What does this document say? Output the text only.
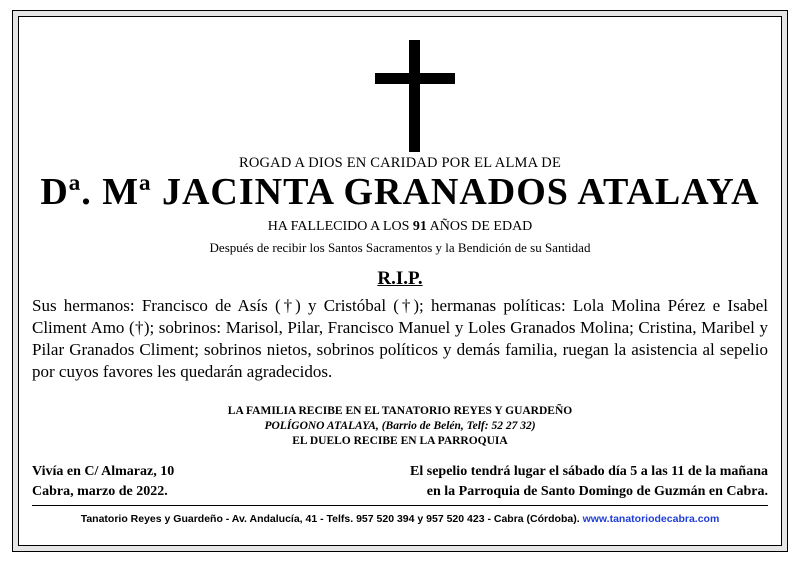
ROGAD A DIOS EN CARIDAD POR EL ALMA DE
Dª. Mª JACINTA GRANADOS ATALAYA
HA FALLECIDO A LOS 91 AÑOS DE EDAD
Después de recibir los Santos Sacramentos y la Bendición de su Santidad
R.I.P.
Sus hermanos: Francisco de Asís (†) y Cristóbal (†); hermanas políticas: Lola Molina Pérez e Isabel Climent Amo (†); sobrinos: Marisol, Pilar, Francisco Manuel y Loles Granados Molina; Cristina, Maribel y Pilar Granados Climent; sobrinos nietos, sobrinos políticos y demás familia, ruegan la asistencia al sepelio por cuyos favores les quedarán agradecidos.
LA FAMILIA RECIBE EN EL TANATORIO REYES Y GUARDEÑO
POLÍGONO ATALAYA, (Barrio de Belén, Telf: 52 27 32)
EL DUELO RECIBE EN LA PARROQUIA
Vivía en C/ Almaraz, 10
Cabra, marzo de 2022.
El sepelio tendrá lugar el sábado día 5 a las 11 de la mañana
en la Parroquia de Santo Domingo de Guzmán en Cabra.
Tanatorio Reyes y Guardeño - Av. Andalucía, 41 - Telfs. 957 520 394 y 957 520 423 - Cabra (Córdoba). www.tanatoriodecabra.com
